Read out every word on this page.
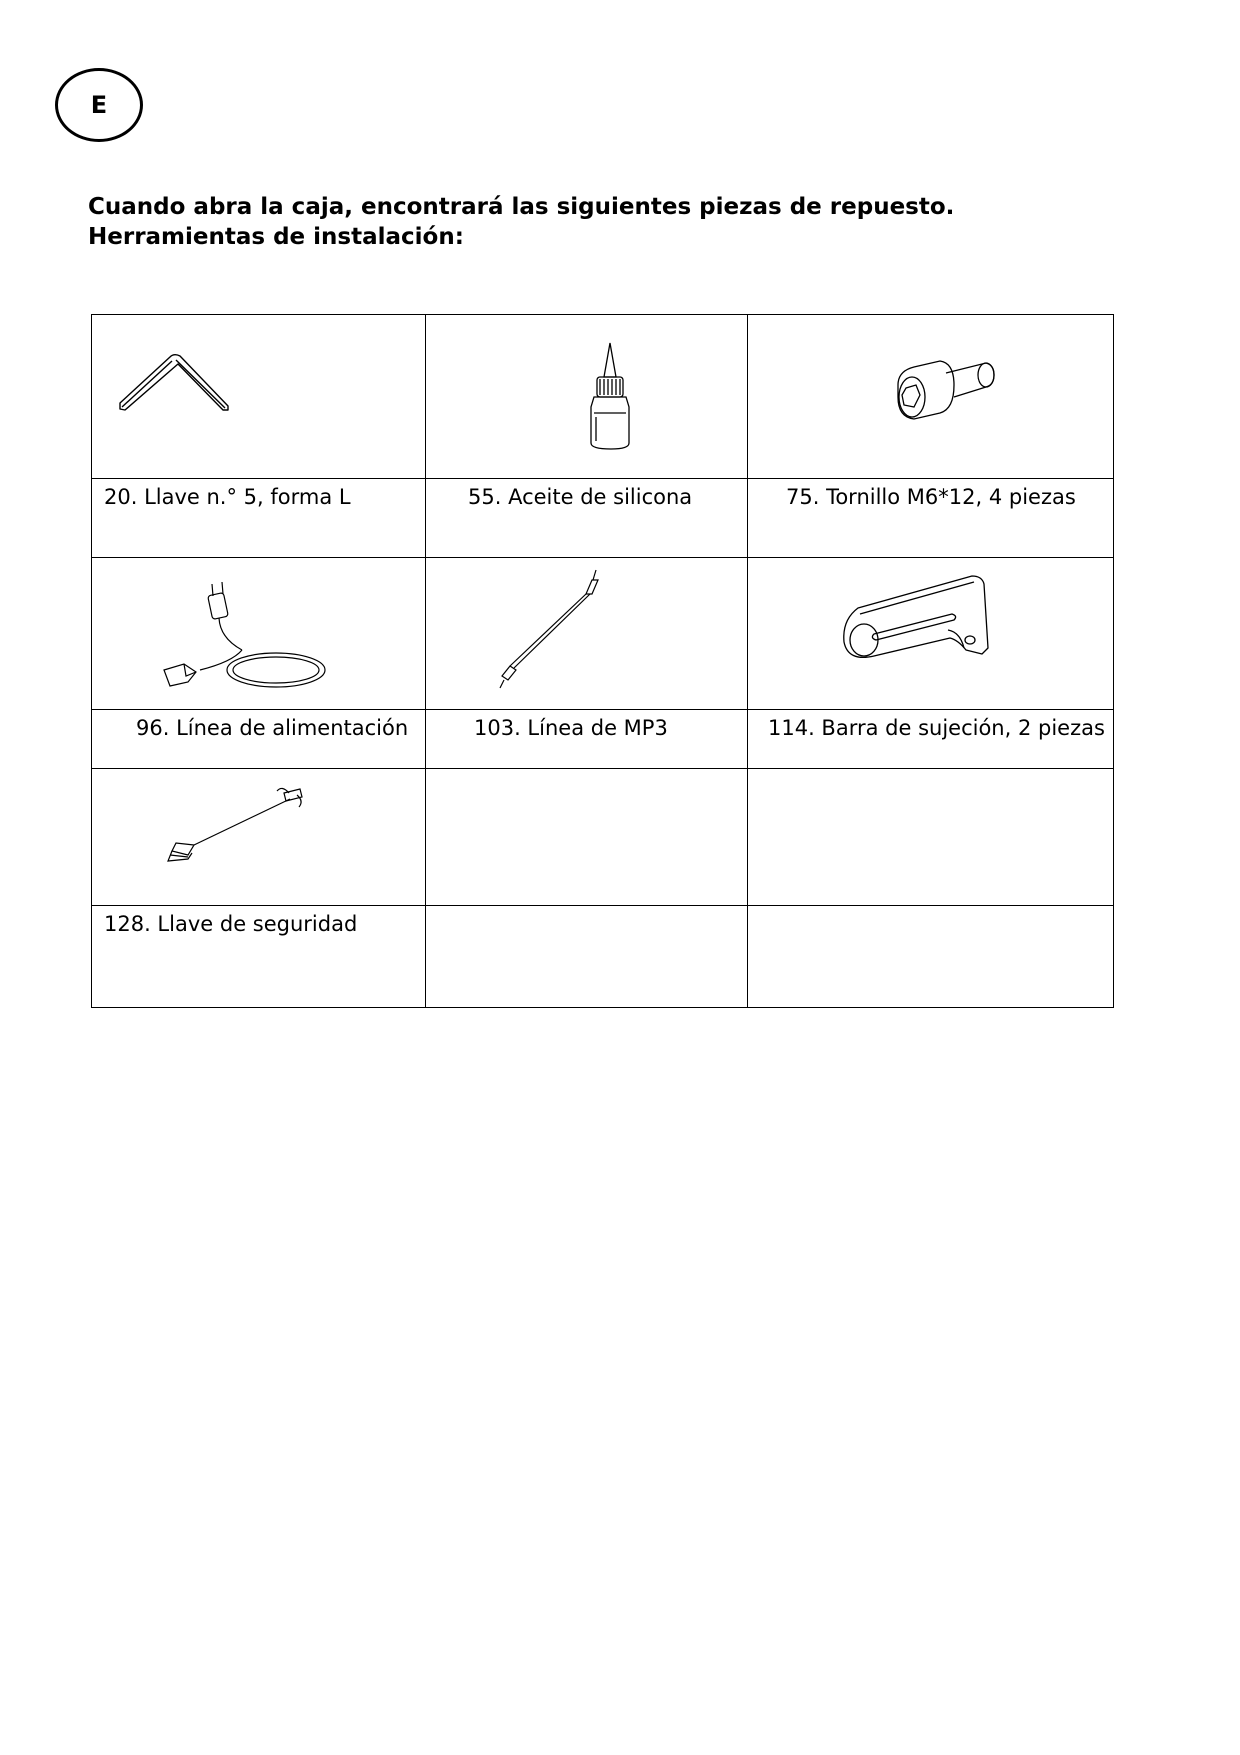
E
Cuando abra la caja, encontrará las siguientes piezas de repuesto.
Herramientas de instalación:

20. Llave n.° 5, forma L	55. Aceite de silicona	75. Tornillo M6*12, 4 piezas

96. Línea de alimentación	103. Línea de MP3	114. Barra de sujeción, 2 piezas

128. Llave de seguridad		
